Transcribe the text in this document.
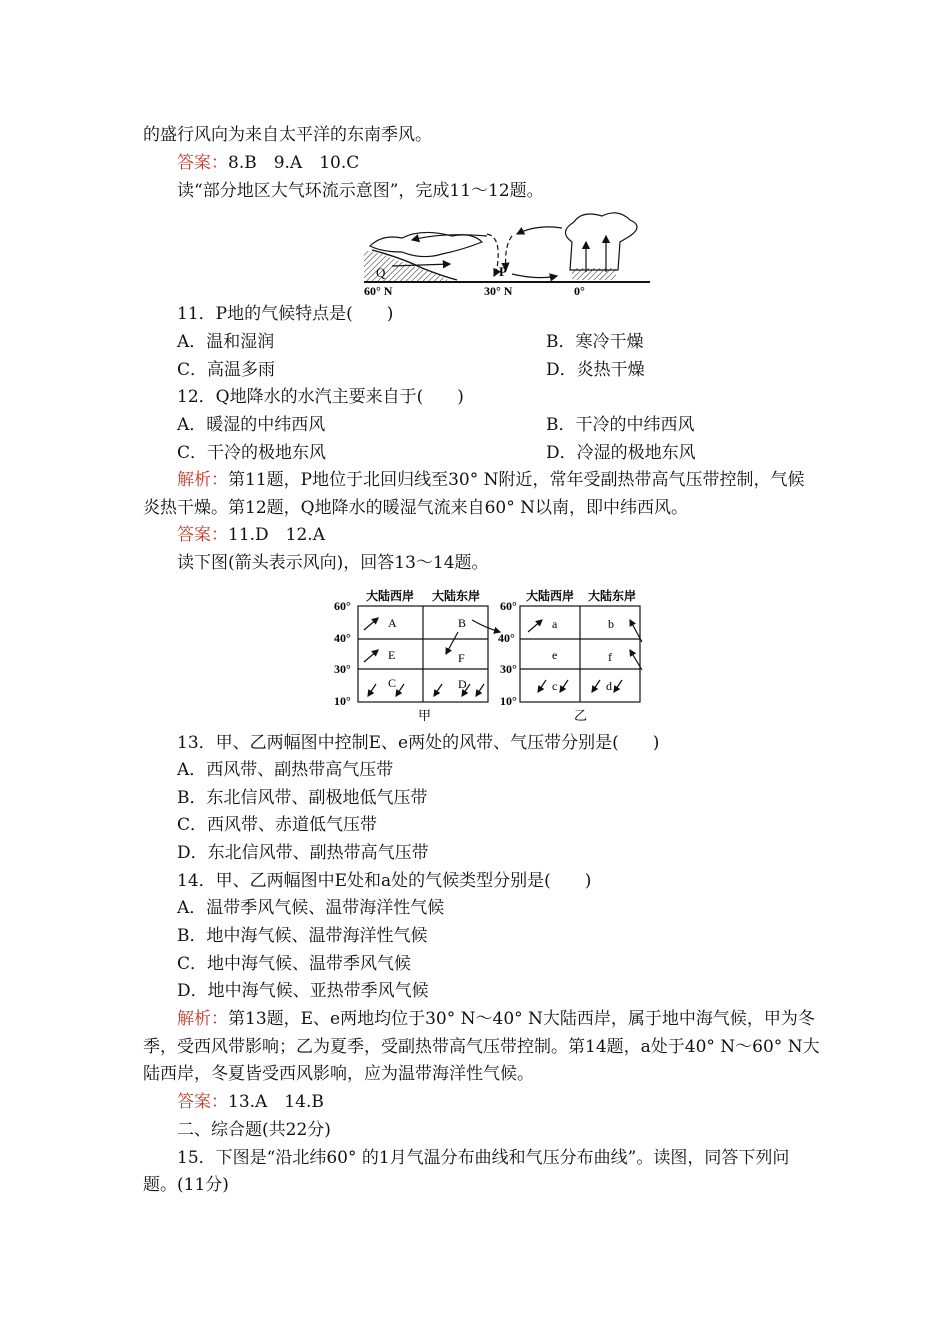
的盛行风向为来自太平洋的东南季风。
答案：8.B　9.A　10.C
读“部分地区大气环流示意图”，完成11～12题。
Q	P
60° N	30° N	0°
11．P地的气候特点是(　　)
A．温和湿润	B．寒冷干燥
C．高温多雨	D．炎热干燥
12．Q地降水的水汽主要来自于(　　)
A．暖湿的中纬西风	B．干冷的中纬西风
C．干冷的极地东风	D．冷湿的极地东风
解析：第11题，P地位于北回归线至30° N附近，常年受副热带高气压带控制，气候
炎热干燥。第12题，Q地降水的暖湿气流来自60° N以南，即中纬西风。
答案：11.D　12.A
读下图(箭头表示风向)，回答13～14题。
大陆西岸 大陆东岸	大陆西岸 大陆东岸
60°
40°
30°
10°
60°
40°
30°
10°
A	B
E	F
C	D
a	b
e	f
c	d
甲	乙
13．甲、乙两幅图中控制E、e两处的风带、气压带分别是(　　)
A．西风带、副热带高气压带
B．东北信风带、副极地低气压带
C．西风带、赤道低气压带
D．东北信风带、副热带高气压带
14．甲、乙两幅图中E处和a处的气候类型分别是(　　)
A．温带季风气候、温带海洋性气候
B．地中海气候、温带海洋性气候
C．地中海气候、温带季风气候
D．地中海气候、亚热带季风气候
解析：第13题，E、e两地均位于30° N～40° N大陆西岸，属于地中海气候，甲为冬
季，受西风带影响；乙为夏季，受副热带高气压带控制。第14题，a处于40° N～60° N大
陆西岸，冬夏皆受西风影响，应为温带海洋性气候。
答案：13.A　14.B
二、综合题(共22分)
15．下图是“沿北纬60° 的1月气温分布曲线和气压分布曲线”。读图，同答下列问
题。(11分)
